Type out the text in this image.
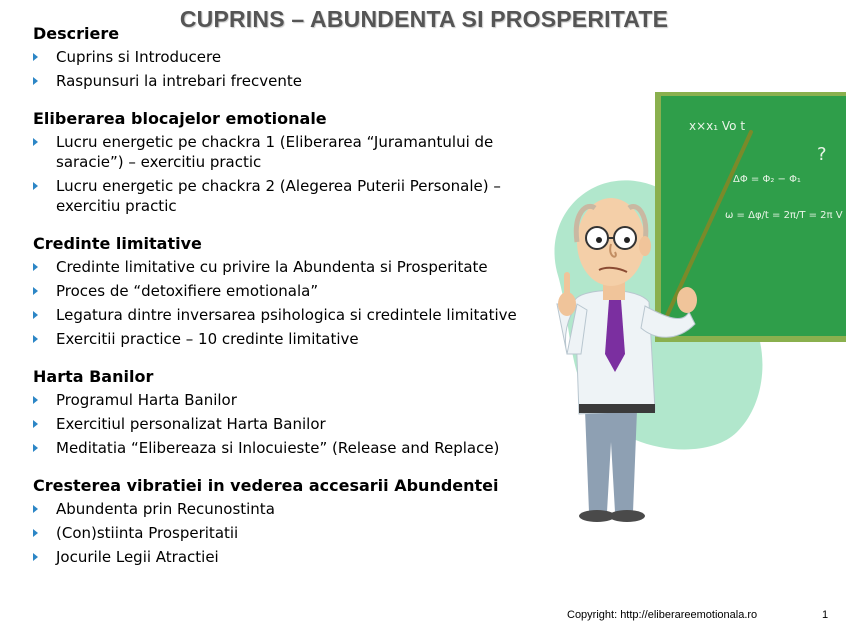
CUPRINS – ABUNDENTA SI PROSPERITATE
Descriere
Cuprins si Introducere
Raspunsuri la intrebari frecvente
Eliberarea blocajelor emotionale
Lucru energetic pe chackra 1 (Eliberarea “Juramantului de saracie”) – exercitiu practic
Lucru energetic pe chackra 2 (Alegerea Puterii Personale) – exercitiu practic
Credinte limitative
Credinte limitative cu privire la Abundenta si Prosperitate
Proces de “detoxifiere emotionala”
Legatura dintre inversarea psihologica si credintele limitative
Exercitii practice – 10 credinte limitative
Harta Banilor
Programul Harta Banilor
Exercitiul personalizat Harta Banilor
Meditatia “Elibereaza si Inlocuieste” (Release and Replace)
Cresterea vibratiei in vederea accesarii Abundentei
Abundenta prin Recunostinta
(Con)stiinta Prosperitatii
Jocurile Legii Atractiei
x×x₁ Vo t
ΔΦ = Φ₂ − Φ₁
ω = Δφ/t = 2π/T = 2π V
?
Copyright: http://eliberareemotionala.ro	1
